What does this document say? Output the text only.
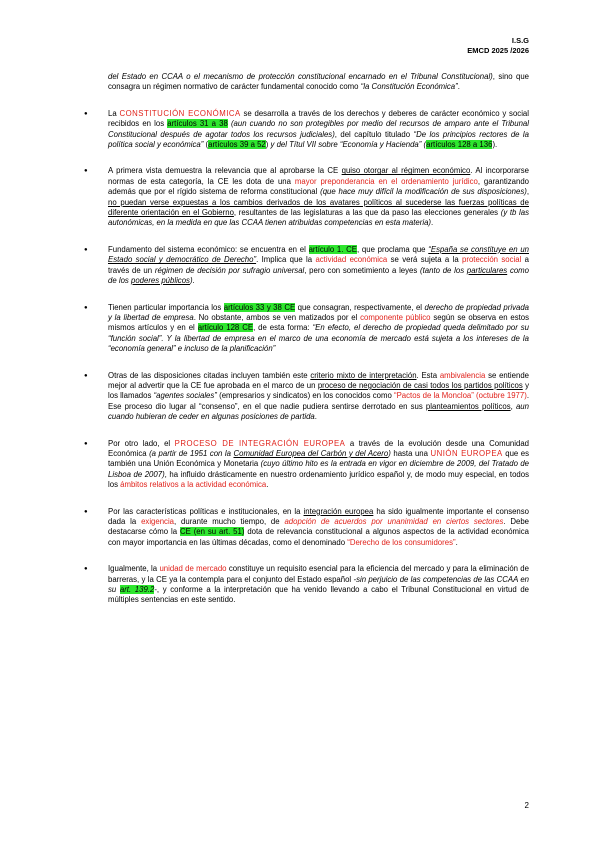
I.S.G
EMCD 2025 /2026

del Estado en CCAA o el mecanismo de protección constitucional encarnado en el Tribunal Constitucional), sino que consagra un régimen normativo de carácter fundamental conocido como “la Constitución Económica”.

● La CONSTITUCIÓN ECONÓMICA se desarrolla a través de los derechos y deberes de carácter económico y social recibidos en los artículos 31 a 38 (aun cuando no son protegibles por medio del recursos de amparo ante el Tribunal Constitucional después de agotar todos los recursos judiciales), del capítulo titulado “De los principios rectores de la política social y económica” (artículos 39 a 52) y del Títul VII sobre “Economía y Hacienda” (artículos 128 a 136).
● A primera vista demuestra la relevancia que al aprobarse la CE quiso otorgar al régimen económico. Al incorporarse normas de esta categoría, la CE les dota de una mayor preponderancia en el ordenamiento jurídico, garantizando además que por el rígido sistema de reforma constitucional (que hace muy difícil la modificación de sus disposiciones), no puedan verse expuestas a los cambios derivados de los avatares políticos al sucederse las fuerzas políticas de diferente orientación en el Gobierno, resultantes de las legislaturas a las que da paso las elecciones generales (y tb las autonómicas, en la medida en que las CCAA tienen atribuidas competencias en esta materia).
● Fundamento del sistema económico: se encuentra en el artículo 1. CE, que proclama que “España se constituye en un Estado social y democrático de Derecho”. Implica que la actividad económica se verá sujeta a la protección social a través de un régimen de decisión por sufragio universal, pero con sometimiento a leyes (tanto de los particulares como de los poderes públicos).
● Tienen particular importancia los artículos 33 y 38 CE que consagran, respectivamente, el derecho de propiedad privada y la libertad de empresa. No obstante, ambos se ven matizados por el componente público según se observa en estos mismos artículos y en el artículo 128 CE, de esta forma: “En efecto, el derecho de propiedad queda delimitado por su “función social”. Y la libertad de empresa en el marco de una economía de mercado está sujeta a los intereses de la “economía general” e incluso de la planificación”
● Otras de las disposiciones citadas incluyen también este criterio mixto de interpretación. Esta ambivalencia se entiende mejor al advertir que la CE fue aprobada en el marco de un proceso de negociación de casi todos los partidos políticos y los llamados “agentes sociales” (empresarios y sindicatos) en los conocidos como “Pactos de la Moncloa” (octubre 1977). Ese proceso dio lugar al “consenso”, en el que nadie pudiera sentirse derrotado en sus planteamientos políticos, aun cuando hubieran de ceder en algunas posiciones de partida.
● Por otro lado, el PROCESO DE INTEGRACIÓN EUROPEA a través de la evolución desde una Comunidad Económica (a partir de 1951 con la Comunidad Europea del Carbón y del Acero) hasta una UNIÓN EUROPEA que es también una Unión Económica y Monetaria (cuyo último hito es la entrada en vigor en diciembre de 2009, del Tratado de Lisboa de 2007), ha influido drásticamente en nuestro ordenamiento jurídico español y, de modo muy especial, en todos los ámbitos relativos a la actividad económica.
● Por las características políticas e institucionales, en la integración europea ha sido igualmente importante el consenso dada la exigencia, durante mucho tiempo, de adopción de acuerdos por unanimidad en ciertos sectores. Debe destacarse cómo la CE (en su art. 51) dota de relevancia constitucional a algunos aspectos de la actividad económica con mayor importancia en las últimas décadas, como el denominado “Derecho de los consumidores”.
● Igualmente, la unidad de mercado constituye un requisito esencial para la eficiencia del mercado y para la eliminación de barreras, y la CE ya la contempla para el conjunto del Estado español -sin perjuicio de las competencias de las CCAA en su art. 139.2-, y conforme a la interpretación que ha venido llevando a cabo el Tribunal Constitucional en virtud de múltiples sentencias en este sentido.
2
